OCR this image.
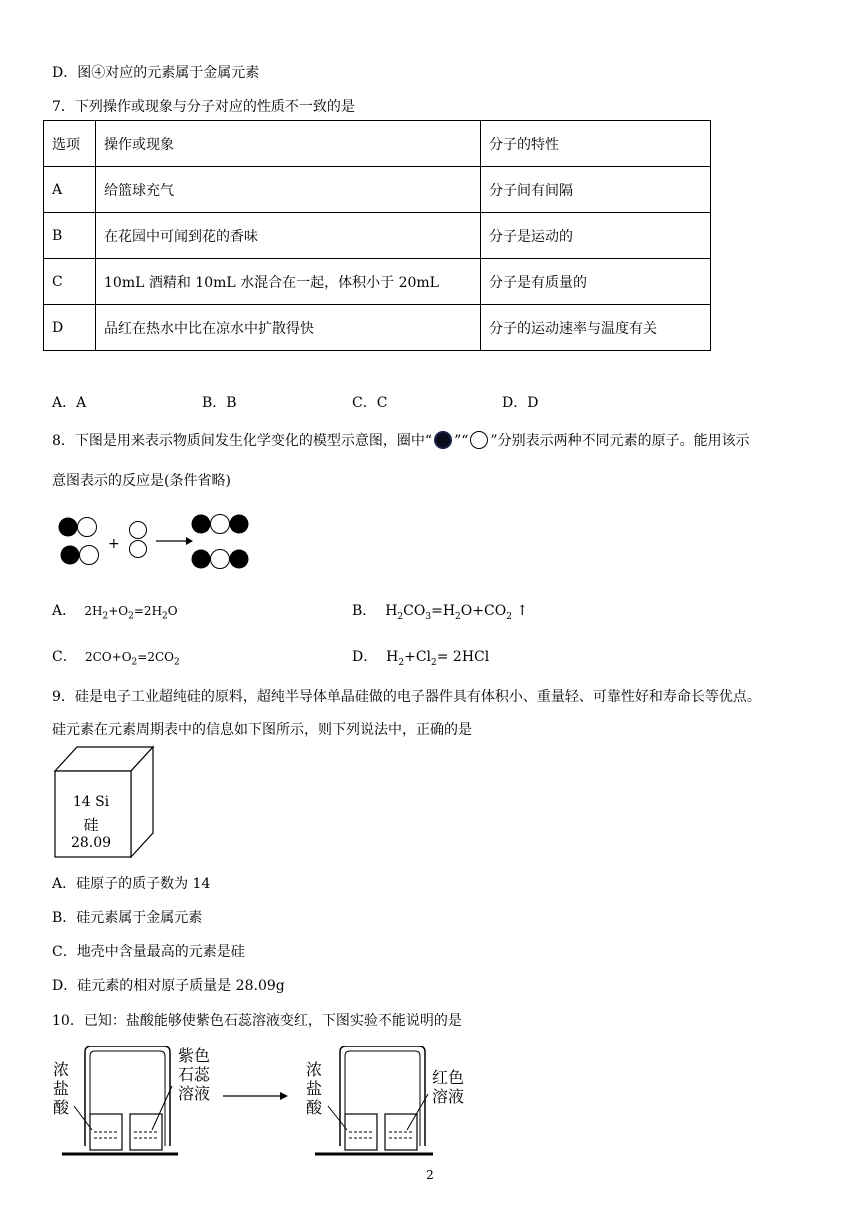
D．图④对应的元素属于金属元素
7．下列操作或现象与分子对应的性质不一致的是
选项	操作或现象	分子的特性
A	给篮球充气	分子间有间隔
B	在花园中可闻到花的香味	分子是运动的
C	10mL 酒精和 10mL 水混合在一起，体积小于 20mL	分子是有质量的
D	品红在热水中比在凉水中扩散得快	分子的运动速率与温度有关
A．A	B．B	C．C	D．D
8．下图是用来表示物质间发生化学变化的模型示意图，圈中“ ”“ ”分别表示两种不同元素的原子。能用该示
意图表示的反应是(条件省略)
+
A．  $2H_2+O_2=2H_2O$	B．  $H_2CO_3=H_2O+CO_2$ ↑
C．  $2CO+O_2=2CO_2$	D．  $H_2+Cl_2= 2HCl$
9．硅是电子工业超纯硅的原料，超纯半导体单晶硅做的电子器件具有体积小、重量轻、可靠性好和寿命长等优点。
硅元素在元素周期表中的信息如下图所示，则下列说法中，正确的是
14 Si
硅
28.09
A．硅原子的质子数为 14
B．硅元素属于金属元素
C．地壳中含量最高的元素是硅
D．硅元素的相对原子质量是 28.09g
10．已知：盐酸能够使紫色石蕊溶液变红，下图实验不能说明的是
浓
盐
酸
紫色
石蕊
溶液
浓
盐
酸
红色
溶液
2
